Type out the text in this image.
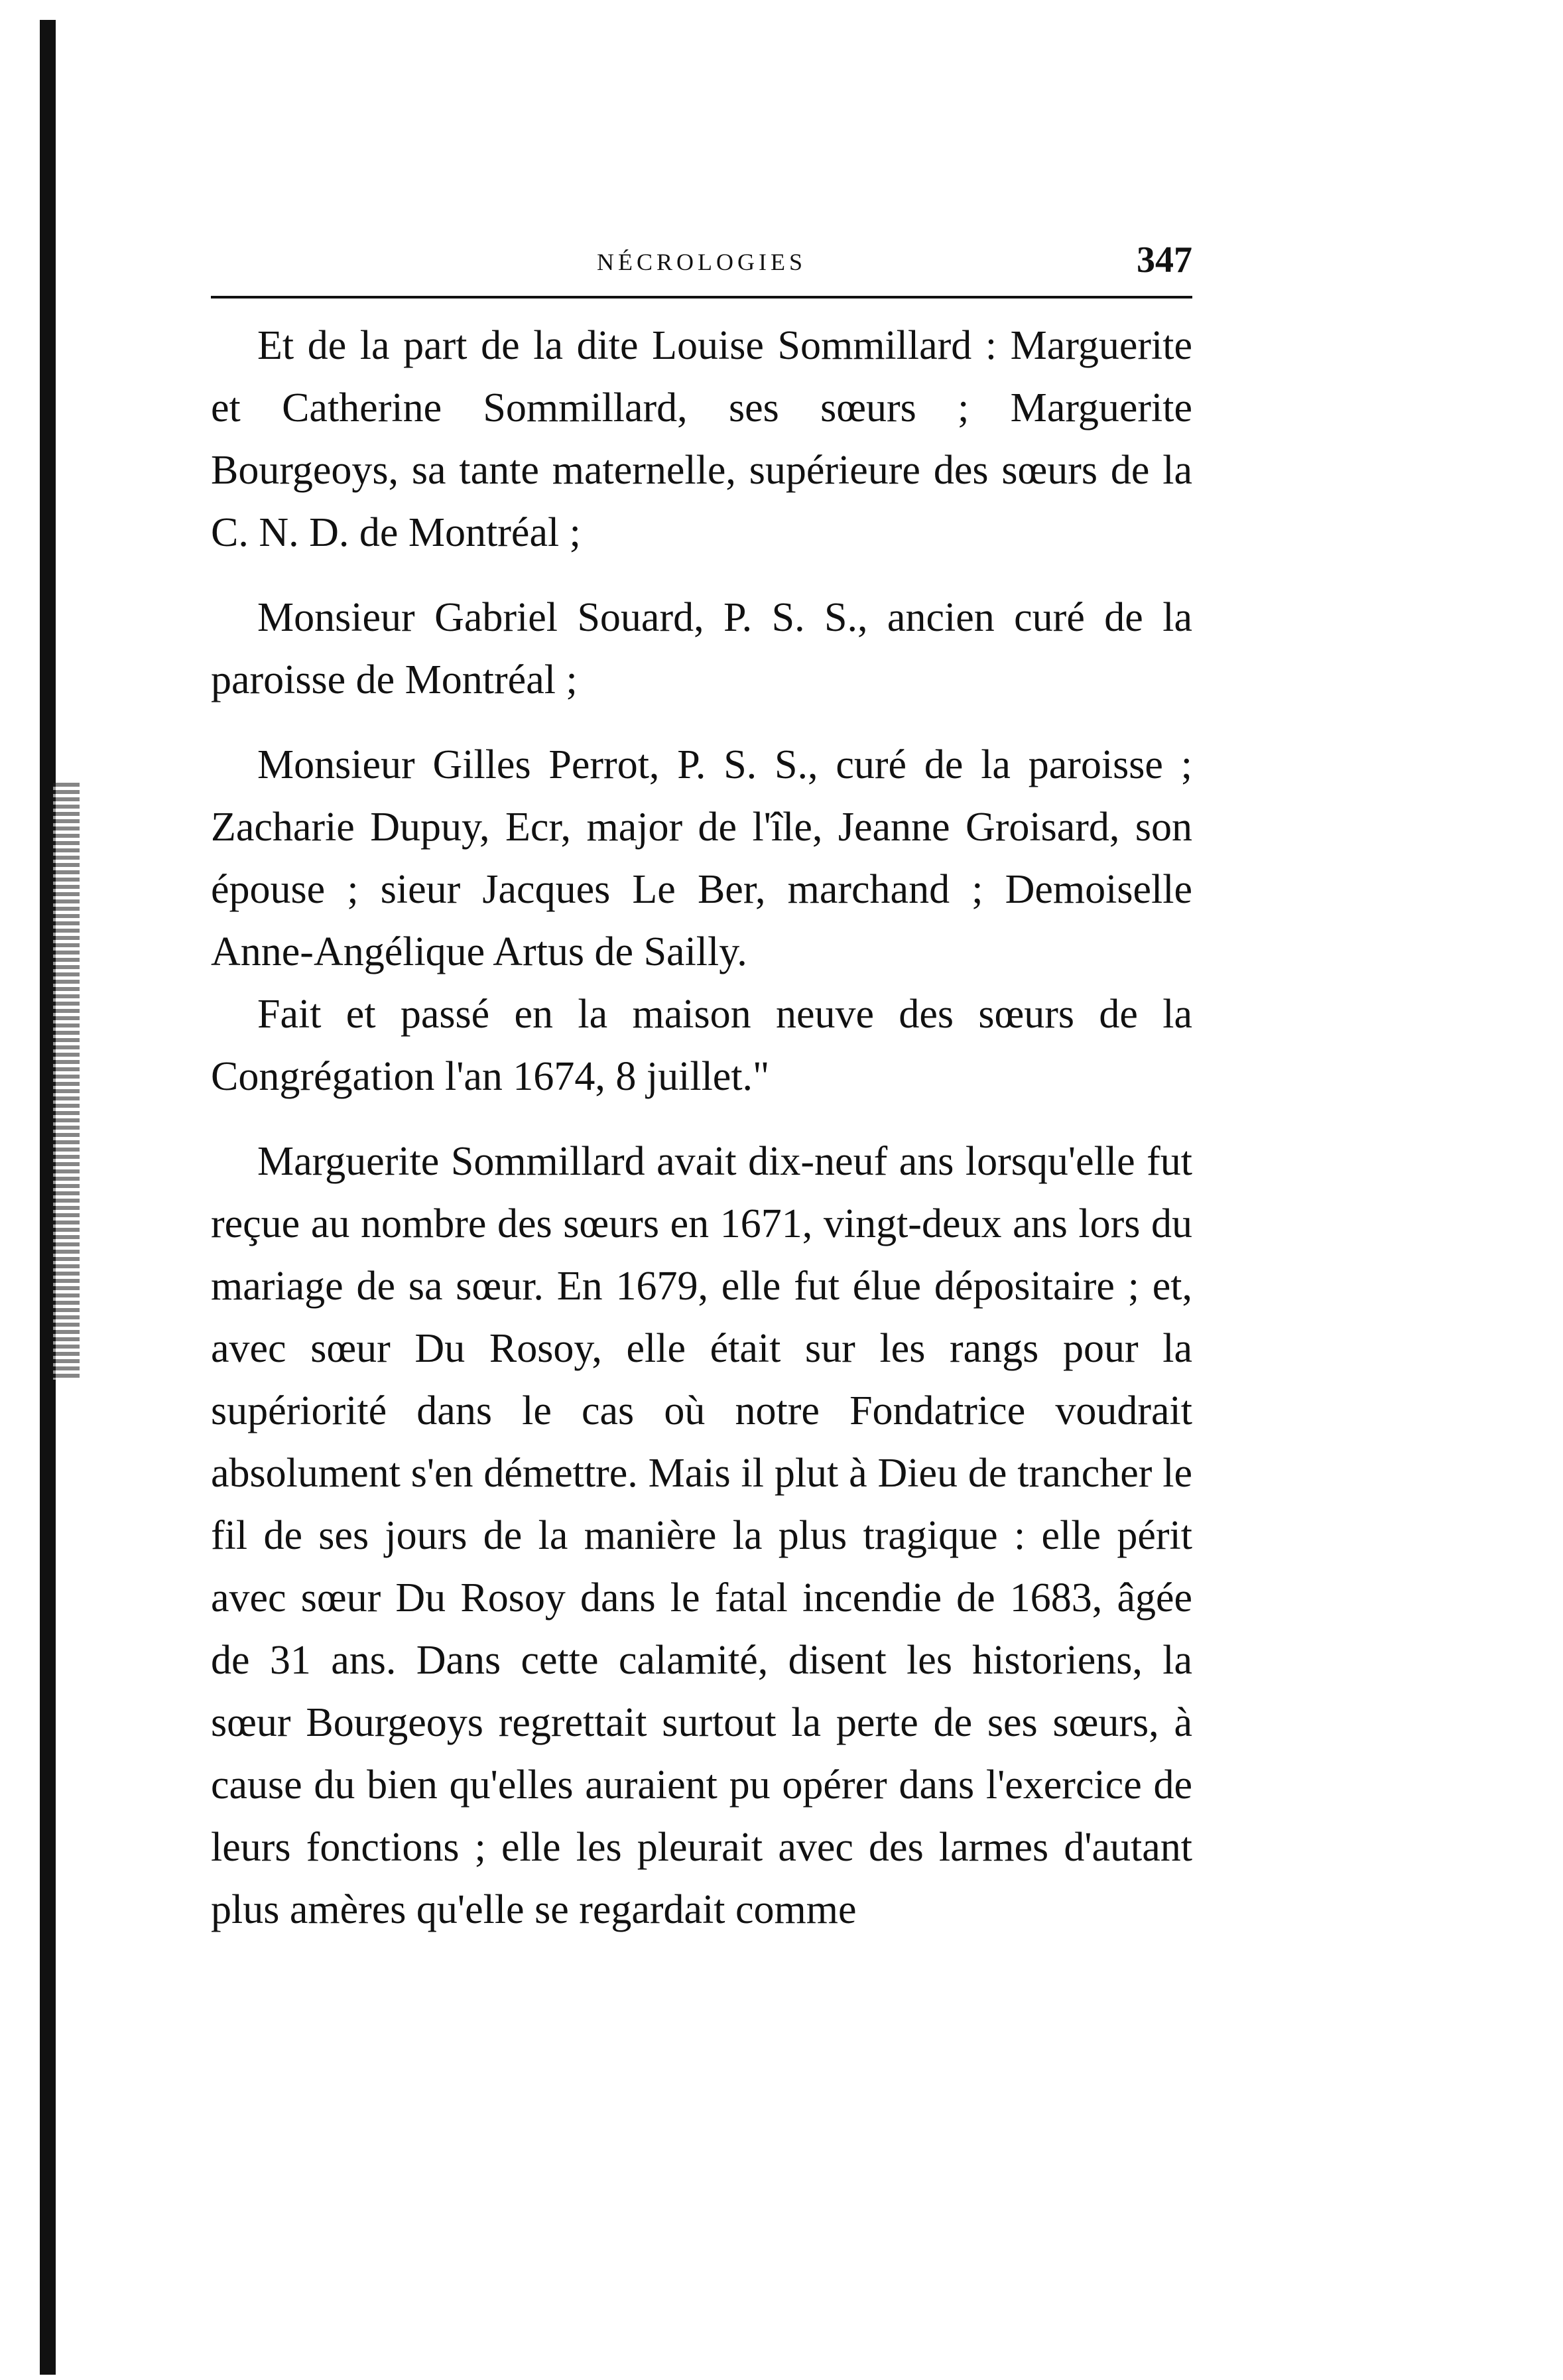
NÉCROLOGIES	347

Et de la part de la dite Louise Sommillard : Marguerite et Catherine Sommillard, ses sœurs ; Marguerite Bourgeoys, sa tante maternelle, supérieure des sœurs de la C. N. D. de Montréal ;

Monsieur Gabriel Souard, P. S. S., ancien curé de la paroisse de Montréal ;

Monsieur Gilles Perrot, P. S. S., curé de la paroisse ; Zacharie Dupuy, Ecr, major de l'île, Jeanne Groisard, son épouse ; sieur Jacques Le Ber, marchand ; Demoiselle Anne-Angélique Artus de Sailly.

Fait et passé en la maison neuve des sœurs de la Congrégation l'an 1674, 8 juillet."

Marguerite Sommillard avait dix-neuf ans lorsqu'elle fut reçue au nombre des sœurs en 1671, vingt-deux ans lors du mariage de sa sœur. En 1679, elle fut élue dépositaire ; et, avec sœur Du Rosoy, elle était sur les rangs pour la supériorité dans le cas où notre Fondatrice voudrait absolument s'en démettre. Mais il plut à Dieu de trancher le fil de ses jours de la manière la plus tragique : elle périt avec sœur Du Rosoy dans le fatal incendie de 1683, âgée de 31 ans. Dans cette calamité, disent les historiens, la sœur Bourgeoys regrettait surtout la perte de ses sœurs, à cause du bien qu'elles auraient pu opérer dans l'exercice de leurs fonctions ; elle les pleurait avec des larmes d'autant plus amères qu'elle se regardait comme
